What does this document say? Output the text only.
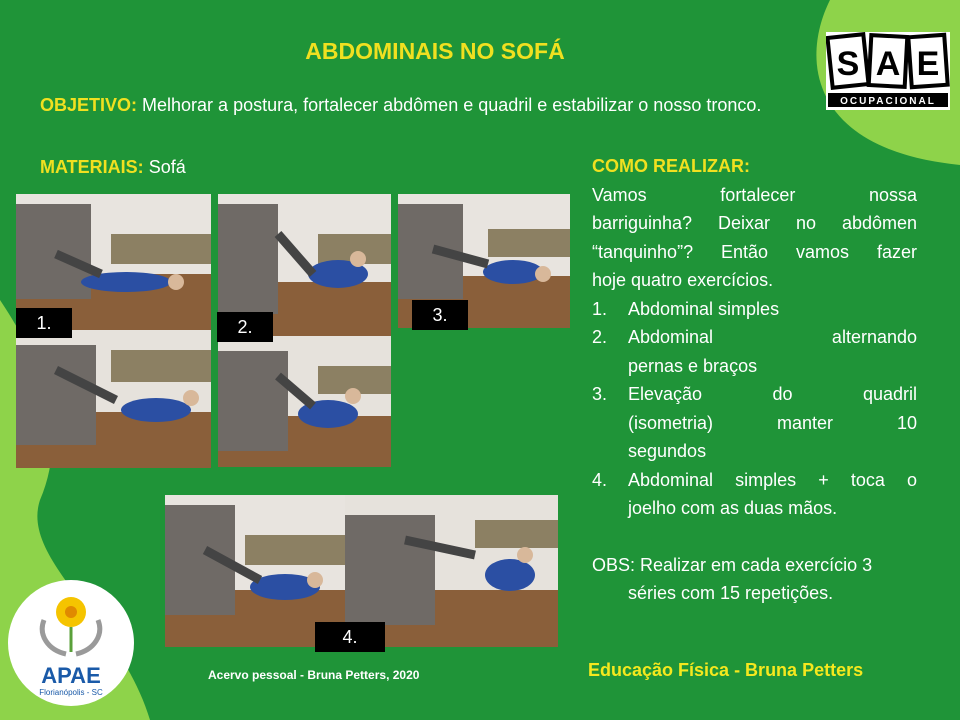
ABDOMINAIS NO SOFÁ
OBJETIVO: Melhorar a postura, fortalecer abdômen e quadril e estabilizar o nosso tronco.
MATERIAIS: Sofá
1.	2.
3.
4.
COMO REALIZAR:
Vamos fortalecer nossa
barriguinha? Deixar no abdômen
“tanquinho”? Então vamos fazer
hoje quatro exercícios.
1.	Abdominal simples
2.	Abdominal alternando
pernas e braços
3.	Elevação do quadril
(isometria) manter 10
segundos
4.	Abdominal simples + toca o
joelho com as duas mãos.
OBS: Realizar em cada exercício 3
séries com 15 repetições.
Acervo pessoal - Bruna Petters, 2020	Educação Física - Bruna Petters
S A E
OCUPACIONAL
APAE
Florianópolis - SC
